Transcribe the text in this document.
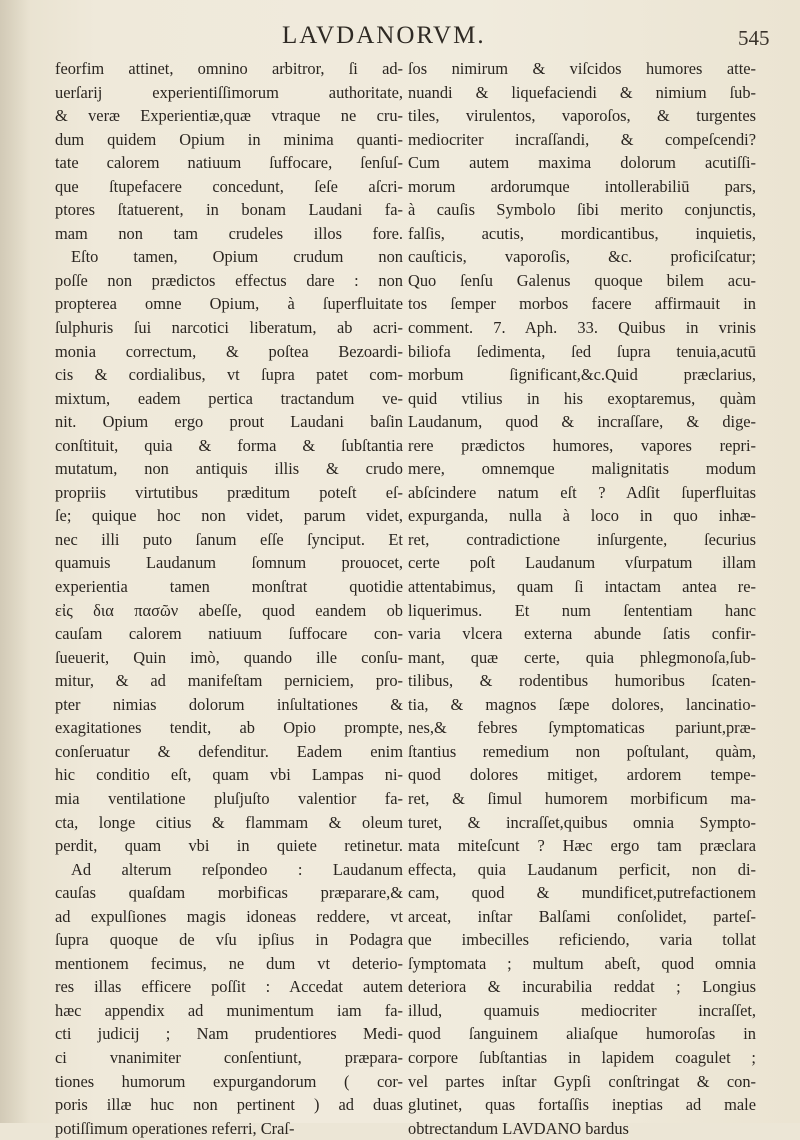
LAVDANORVM.	545
feorfim attinet, omnino arbitror, ſi ad-
uerſarij experientiſſimorum authoritate,
& veræ Experientiæ,quæ vtraque ne cru-
dum quidem Opium in minima quanti-
tate calorem natiuum ſuffocare, ſenſuſ-
que ſtupefacere concedunt, ſeſe aſcri-
ptores ſtatuerent, in bonam Laudani fa-
mam non tam crudeles illos fore.
Eſto tamen, Opium crudum non
poſſe non prædictos effectus dare : non
propterea omne Opium, à ſuperfluitate
ſulphuris ſui narcotici liberatum, ab acri-
monia correctum, & poſtea Bezoardi-
cis & cordialibus, vt ſupra patet com-
mixtum, eadem pertica tractandum ve-
nit. Opium ergo prout Laudani baſin
conſtituit, quia & forma & ſubſtantia
mutatum, non antiquis illis & crudo
propriis virtutibus præditum poteſt eſ-
ſe; quique hoc non videt, parum videt,
nec illi puto ſanum eſſe ſynciput. Et
quamuis Laudanum ſomnum prouocet,
experientia tamen monſtrat quotidie
εἰς δια πασῶν abeſſe, quod eandem ob
cauſam calorem natiuum ſuffocare con-
ſueuerit, Quin imò, quando ille conſu-
mitur, & ad manifeſtam perniciem, pro-
pter nimias dolorum inſultationes &
exagitationes tendit, ab Opio prompte,
conſeruatur & defenditur. Eadem enim
hic conditio eſt, quam vbi Lampas ni-
mia ventilatione pluſjuſto valentior fa-
cta, longe citius & flammam & oleum
perdit, quam vbi in quiete retinetur.
Ad alterum reſpondeo : Laudanum
cauſas quaſdam morbificas præparare,&
ad expulſiones magis idoneas reddere, vt
ſupra quoque de vſu ipſius in Podagra
mentionem fecimus, ne dum vt deterio-
res illas efficere poſſit : Accedat autem
hæc appendix ad munimentum iam fa-
cti judicij ; Nam prudentiores Medi-
ci vnanimiter conſentiunt, præpara-
tiones humorum expurgandorum ( cor-
poris illæ huc non pertinent ) ad duas
potiſſimum operationes referri, Craſ-
ſos nimirum & viſcidos humores atte-
nuandi & liquefaciendi & nimium ſub-
tiles, virulentos, vaporoſos, & turgentes
mediocriter incraſſandi, & compeſcendi?
Cum autem maxima dolorum acutiſſi-
morum ardorumque intollerabiliū pars,
à cauſis Symbolo ſibi merito conjunctis,
falſis, acutis, mordicantibus, inquietis,
cauſticis, vaporoſis, &c. proficiſcatur;
Quo ſenſu Galenus quoque bilem acu-
tos ſemper morbos facere affirmauit in
comment. 7. Aph. 33. Quibus in vrinis
biliofa ſedimenta, ſed ſupra tenuia,acutū
morbum ſignificant,&c.Quid præclarius,
quid vtilius in his exoptaremus, quàm
Laudanum, quod & incraſſare, & dige-
rere prædictos humores, vapores repri-
mere, omnemque malignitatis modum
abſcindere natum eſt ? Adſit ſuperfluitas
expurganda, nulla à loco in quo inhæ-
ret, contradictione inſurgente, ſecurius
certe poſt Laudanum vſurpatum illam
attentabimus, quam ſi intactam antea re-
liquerimus. Et num ſententiam hanc
varia vlcera externa abunde ſatis confir-
mant, quæ certe, quia phlegmonoſa,ſub-
tilibus, & rodentibus humoribus ſcaten-
tia, & magnos ſæpe dolores, lancinatio-
nes,& febres ſymptomaticas pariunt,præ-
ſtantius remedium non poſtulant, quàm,
quod dolores mitiget, ardorem tempe-
ret, & ſimul humorem morbificum ma-
turet, & incraſſet,quibus omnia Sympto-
mata miteſcunt ? Hæc ergo tam præclara
effecta, quia Laudanum perficit, non di-
cam, quod & mundificet,putrefactionem
arceat, inſtar Balſami conſolidet, parteſ-
que imbecilles reficiendo, varia tollat
ſymptomata ; multum abeſt, quod omnia
deteriora & incurabilia reddat ; Longius
illud, quamuis mediocriter incraſſet,
quod ſanguinem aliaſque humoroſas in
corpore ſubſtantias in lapidem coagulet ;
vel partes inſtar Gypſi conſtringat & con-
glutinet, quas fortaſſis ineptias ad male
obtrectandum LAVDANO bardus
